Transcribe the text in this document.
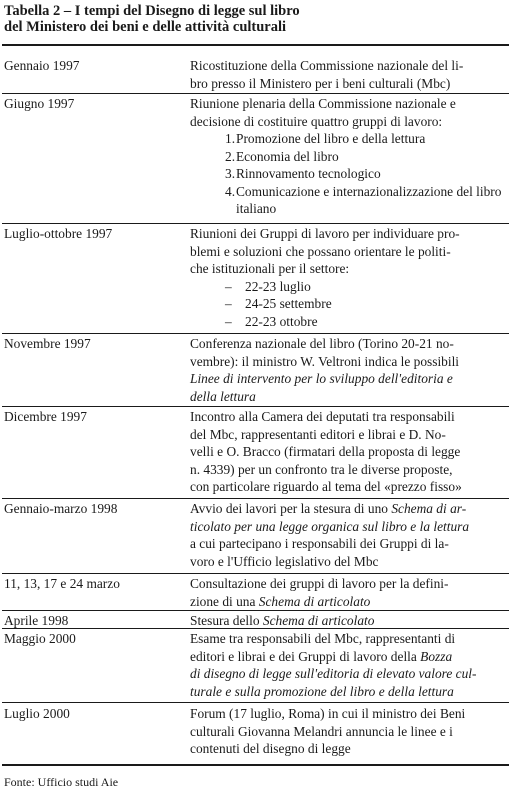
Tabella 2 – I tempi del Disegno di legge sul libro
del Ministero dei beni e delle attività culturali
Gennaio 1997	Ricostituzione della Commissione nazionale del li-

bro presso il Ministero per i beni culturali (Mbc)

Giugno 1997	Riunione plenaria della Commissione nazionale e

decisione di costituire quattro gruppi di lavoro:

1. Promozione del libro e della lettura
2. Economia del libro
3. Rinnovamento tecnologico
4. Comunicazione e internazionalizzazione del libro italiano
Luglio-ottobre 1997	Riunioni dei Gruppi di lavoro per individuare pro-

blemi e soluzioni che possano orientare le politi-

che istituzionali per il settore:

– 22-23 luglio
– 24-25 settembre
– 22-23 ottobre
Novembre 1997	Conferenza nazionale del libro (Torino 20-21 no-

vembre): il ministro W. Veltroni indica le possibili

Linee di intervento per lo sviluppo dell'editoria e

della lettura

Dicembre 1997	Incontro alla Camera dei deputati tra responsabili

del Mbc, rappresentanti editori e librai e D. No-

velli e O. Bracco (firmatari della proposta di legge

n. 4339) per un confronto tra le diverse proposte,

con particolare riguardo al tema del «prezzo fisso»

Gennaio-marzo 1998	Avvio dei lavori per la stesura di uno Schema di ar-

ticolato per una legge organica sul libro e la lettura

a cui partecipano i responsabili dei Gruppi di la-

voro e l'Ufficio legislativo del Mbc

11, 13, 17 e 24 marzo	Consultazione dei gruppi di lavoro per la defini-

zione di una Schema di articolato

Aprile 1998	Stesura dello Schema di articolato

Maggio 2000	Esame tra responsabili del Mbc, rappresentanti di

editori e librai e dei Gruppi di lavoro della Bozza

di disegno di legge sull'editoria di elevato valore cul-

turale e sulla promozione del libro e della lettura

Luglio 2000	Forum (17 luglio, Roma) in cui il ministro dei Beni

culturali Giovanna Melandri annuncia le linee e i

contenuti del disegno di legge

Fonte: Ufficio studi Aie
